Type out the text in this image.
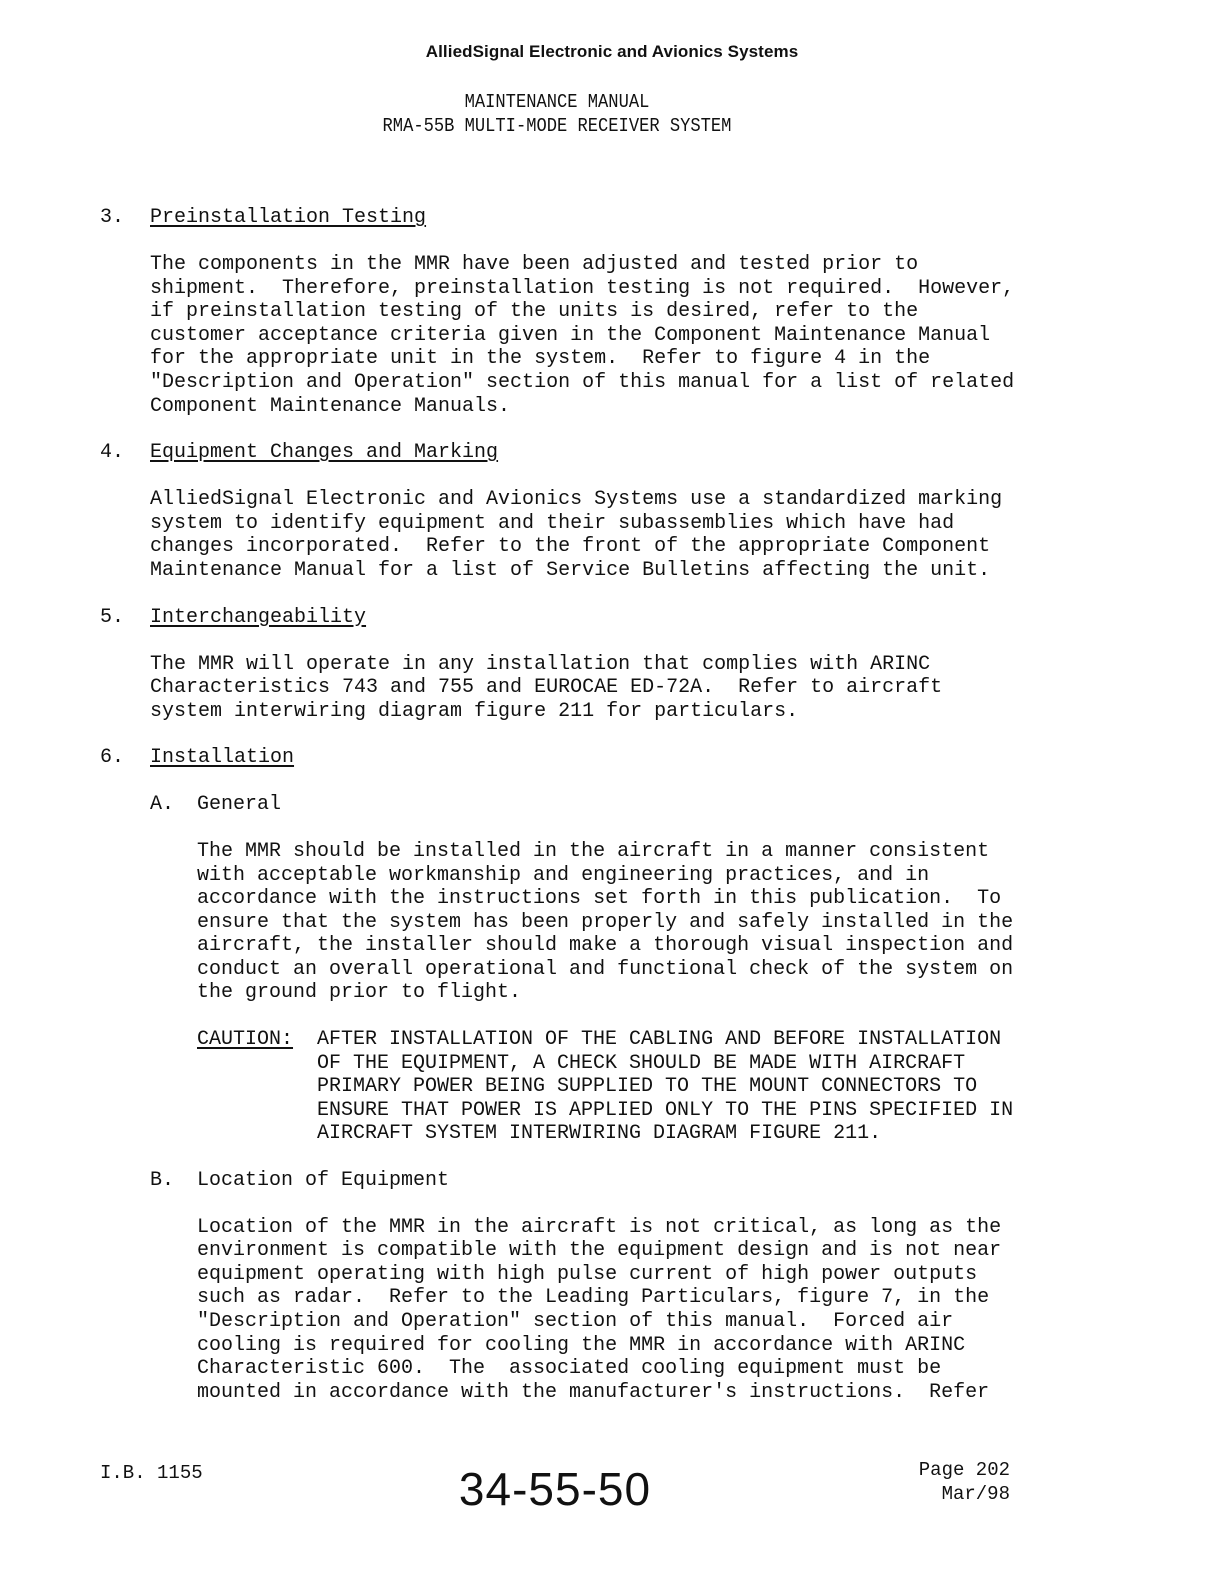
AlliedSignal Electronic and Avionics Systems
MAINTENANCE MANUAL
RMA-55B MULTI-MODE RECEIVER SYSTEM
3. Preinstallation Testing
The components in the MMR have been adjusted and tested prior to
shipment.  Therefore, preinstallation testing is not required.  However,
if preinstallation testing of the units is desired, refer to the
customer acceptance criteria given in the Component Maintenance Manual
for the appropriate unit in the system.  Refer to figure 4 in the
"Description and Operation" section of this manual for a list of related
Component Maintenance Manuals.
4. Equipment Changes and Marking
AlliedSignal Electronic and Avionics Systems use a standardized marking
system to identify equipment and their subassemblies which have had
changes incorporated.  Refer to the front of the appropriate Component
Maintenance Manual for a list of Service Bulletins affecting the unit.
5. Interchangeability
The MMR will operate in any installation that complies with ARINC
Characteristics 743 and 755 and EUROCAE ED-72A.  Refer to aircraft
system interwiring diagram figure 211 for particulars.
6. Installation
A. General
The MMR should be installed in the aircraft in a manner consistent
with acceptable workmanship and engineering practices, and in
accordance with the instructions set forth in this publication.  To
ensure that the system has been properly and safely installed in the
aircraft, the installer should make a thorough visual inspection and
conduct an overall operational and functional check of the system on
the ground prior to flight.
CAUTION:	AFTER INSTALLATION OF THE CABLING AND BEFORE INSTALLATION
OF THE EQUIPMENT, A CHECK SHOULD BE MADE WITH AIRCRAFT
PRIMARY POWER BEING SUPPLIED TO THE MOUNT CONNECTORS TO
ENSURE THAT POWER IS APPLIED ONLY TO THE PINS SPECIFIED IN
AIRCRAFT SYSTEM INTERWIRING DIAGRAM FIGURE 211.
B. Location of Equipment
Location of the MMR in the aircraft is not critical, as long as the
environment is compatible with the equipment design and is not near
equipment operating with high pulse current of high power outputs
such as radar.  Refer to the Leading Particulars, figure 7, in the
"Description and Operation" section of this manual.  Forced air
cooling is required for cooling the MMR in accordance with ARINC
Characteristic 600.  The  associated cooling equipment must be
mounted in accordance with the manufacturer's instructions.  Refer
I.B. 1155	34-55-50	Page 202
Mar/98
